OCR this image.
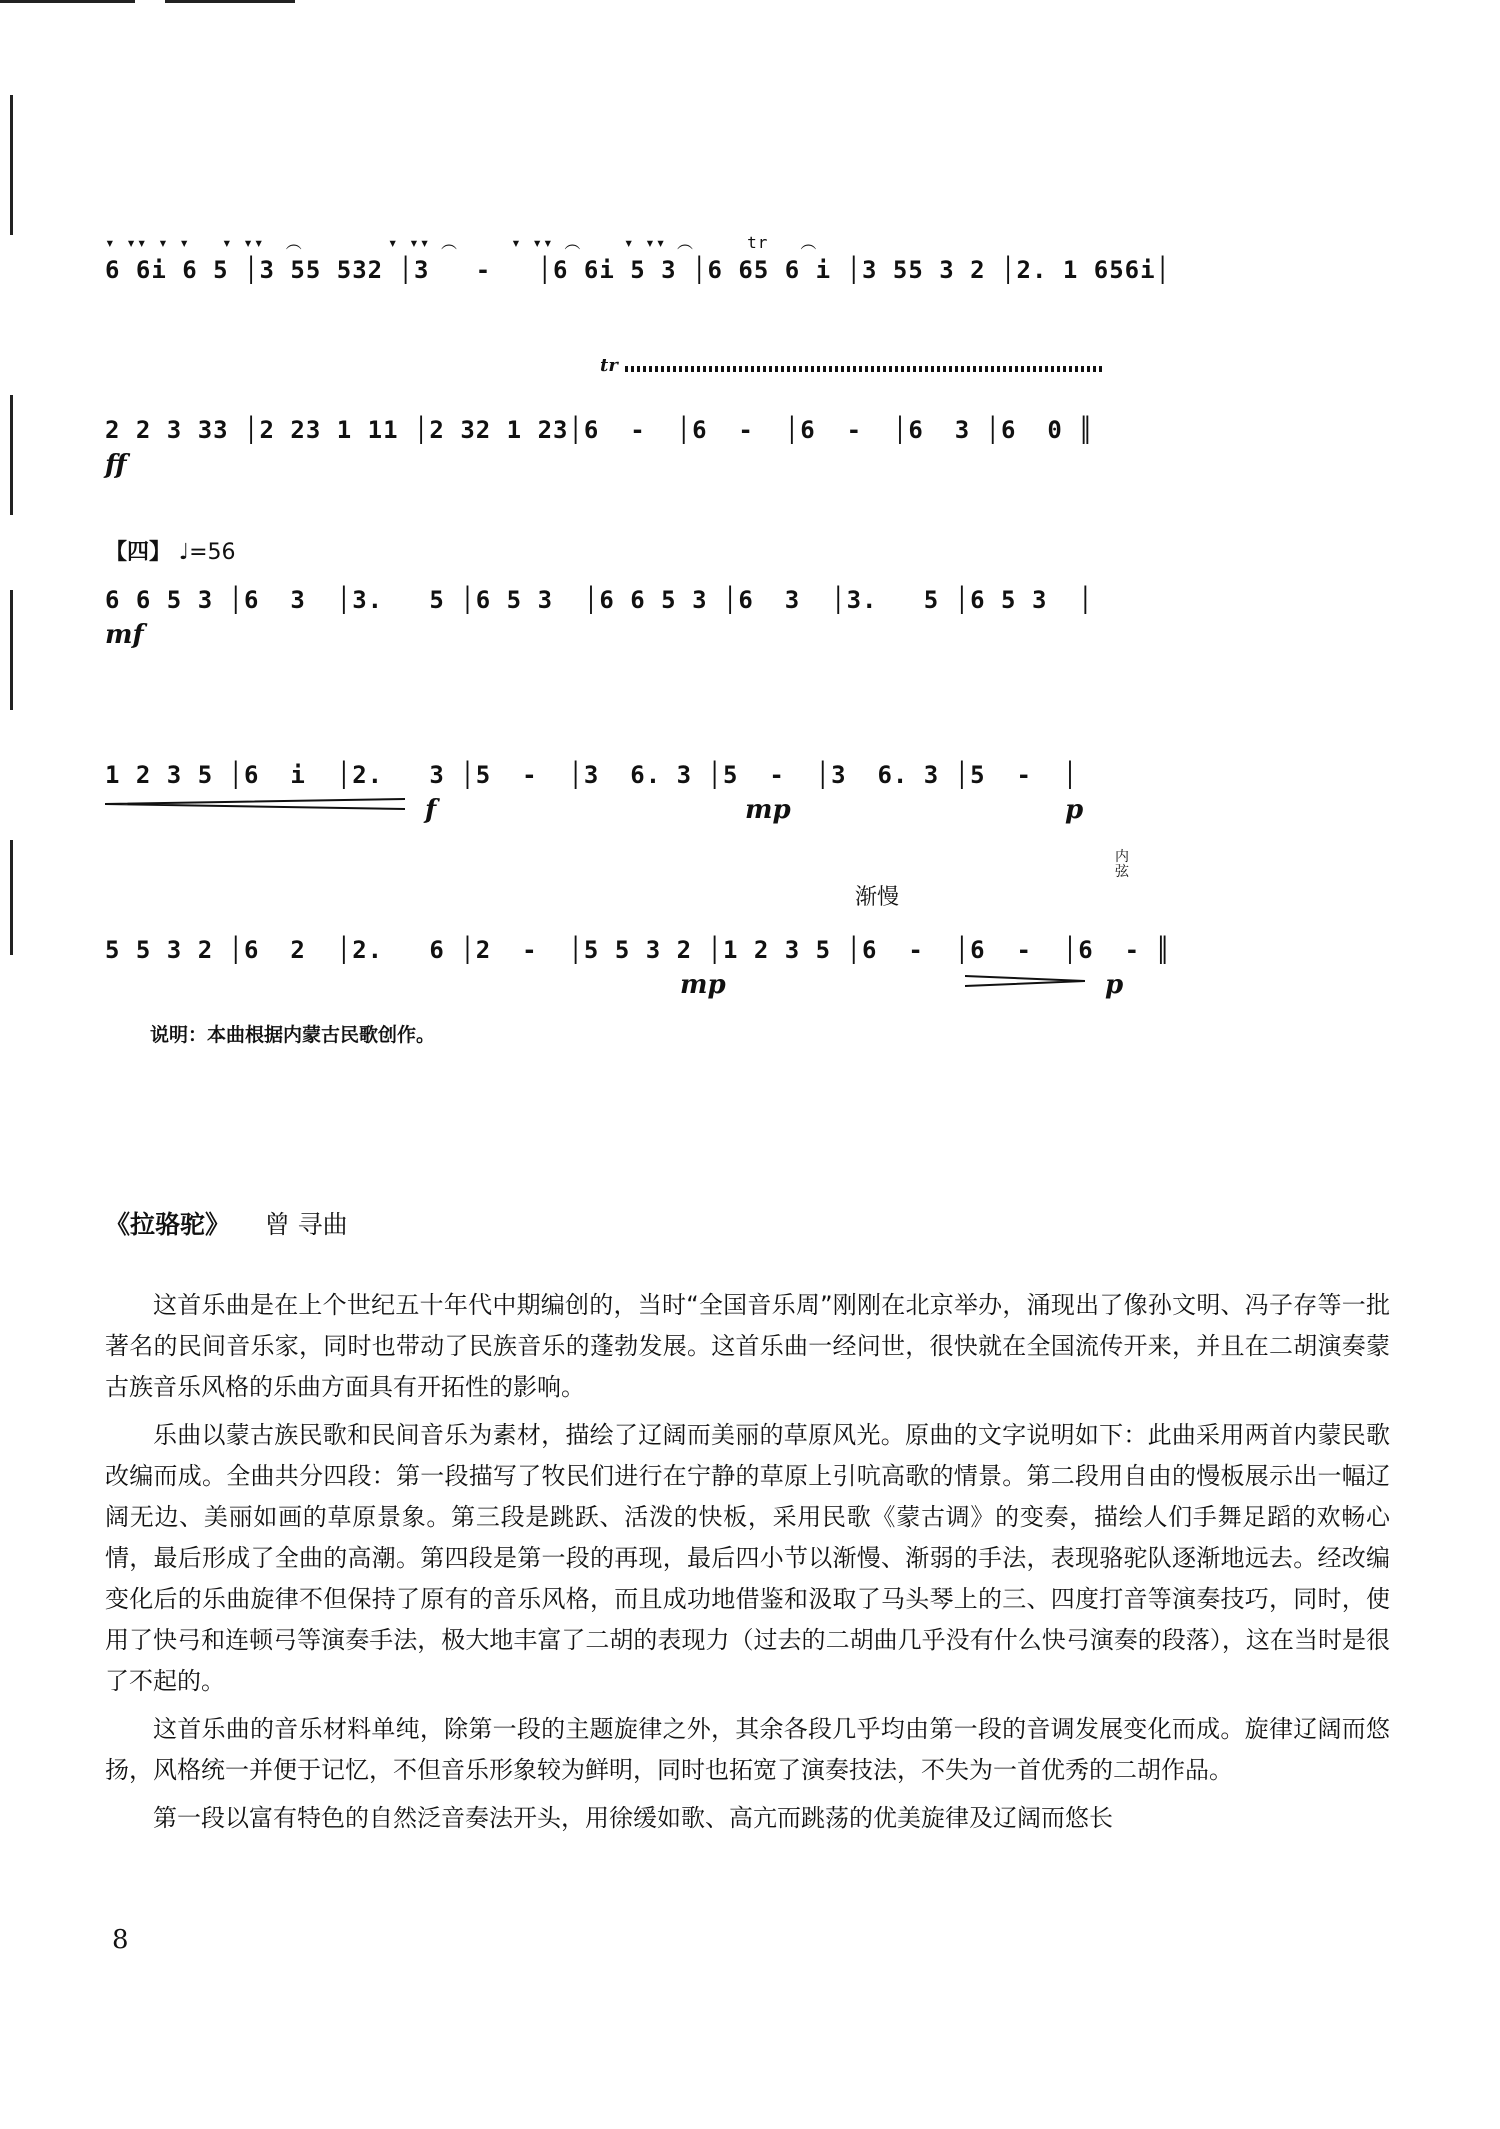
▾ ▾▾ ▾ ▾   ▾ ▾▾  ︵        ▾ ▾▾ ︵     ▾ ▾▾ ︵    ▾ ▾▾ ︵     tr   ︵
6 6i 6 5 │3 55 532 │3   -   │6 6i 5 3 │6 65 6 i │3 55 3 2 │2. 1 656i│
tr
2 2 3 33 │2 23 1 11 │2 32 1 23│6  -  │6  -  │6  -  │6  3 │6  0 ║
ff
【四】 ♩=56
6 6 5 3 │6  3  │3.   5 │6 5 3  │6 6 5 3 │6  3  │3.   5 │6 5 3  │
mf
1 2 3 5 │6  i  │2.   3 │5  -  │3  6. 3 │5  -  │3  6. 3 │5  -  │
f	mp	p
渐慢
内弦
5 5 3 2 │6  2  │2.   6 │2  -  │5 5 3 2 │1 2 3 5 │6  -  │6  -  │6  - ║
mp	p
说明：本曲根据内蒙古民歌创作。
《拉骆驼》 曾 寻曲

这首乐曲是在上个世纪五十年代中期编创的，当时“全国音乐周”刚刚在北京举办，涌现出了像孙文明、冯子存等一批著名的民间音乐家，同时也带动了民族音乐的蓬勃发展。这首乐曲一经问世，很快就在全国流传开来，并且在二胡演奏蒙古族音乐风格的乐曲方面具有开拓性的影响。

乐曲以蒙古族民歌和民间音乐为素材，描绘了辽阔而美丽的草原风光。原曲的文字说明如下：此曲采用两首内蒙民歌改编而成。全曲共分四段：第一段描写了牧民们进行在宁静的草原上引吭高歌的情景。第二段用自由的慢板展示出一幅辽阔无边、美丽如画的草原景象。第三段是跳跃、活泼的快板，采用民歌《蒙古调》的变奏，描绘人们手舞足蹈的欢畅心情，最后形成了全曲的高潮。第四段是第一段的再现，最后四小节以渐慢、渐弱的手法，表现骆驼队逐渐地远去。经改编变化后的乐曲旋律不但保持了原有的音乐风格，而且成功地借鉴和汲取了马头琴上的三、四度打音等演奏技巧，同时，使用了快弓和连顿弓等演奏手法，极大地丰富了二胡的表现力（过去的二胡曲几乎没有什么快弓演奏的段落），这在当时是很了不起的。

这首乐曲的音乐材料单纯，除第一段的主题旋律之外，其余各段几乎均由第一段的音调发展变化而成。旋律辽阔而悠扬，风格统一并便于记忆，不但音乐形象较为鲜明，同时也拓宽了演奏技法，不失为一首优秀的二胡作品。

第一段以富有特色的自然泛音奏法开头，用徐缓如歌、高亢而跳荡的优美旋律及辽阔而悠长

8
